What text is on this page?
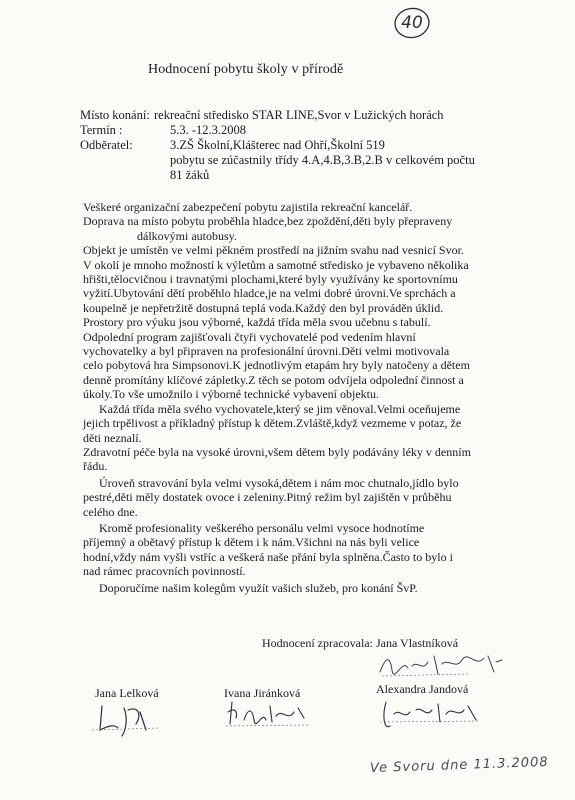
40
Hodnocení pobytu školy v přírodě
Místo konání: rekreační středisko STAR LINE,Svor v Lužických horách
Termín :	5.3. -12.3.2008
Odběratel:	3.ZŠ Školní,Klášterec nad Ohří,Školní 519
pobytu se zúčastnily třídy 4.A,4.B,3.B,2.B v celkovém počtu
81 žáků

Veškeré organizační zabezpečení pobytu zajistila rekreační kancelář.

Doprava na místo pobytu proběhla hladce,bez zpoždění,děti byly přepraveny

dálkovými autobusy.

Objekt je umístěn ve velmi pěkném prostředí na jižním svahu nad vesnicí Svor.

V okolí je mnoho možností k výletům a samotné středisko je vybaveno několika

hřišti,tělocvičnou i travnatými plochami,které byly využívány ke sportovnímu

vyžití.Ubytování dětí proběhlo hladce,je na velmi dobré úrovni.Ve sprchách a

koupelně je nepřetržitě dostupná teplá voda.Každý den byl prováděn úklid.

Prostory pro výuku jsou výborné, každá třída měla svou učebnu s tabulí.

Odpolední program zajišťovali čtyři vychovatelé pod vedením hlavní

vychovatelky a byl připraven na profesionální úrovni.Děti velmi motivovala

celo pobytová hra Simpsonovi.K jednotlivým etapám hry byly natočeny a dětem

denně promítány klíčové zápletky.Z těch se potom odvíjela odpolední činnost a

úkoly.To vše umožnilo i výborné technické vybavení objektu.

Každá třída měla svého vychovatele,který se jim věnoval.Velmi oceňujeme

jejich trpělivost a příkladný přístup k dětem.Zvláště,když vezmeme v potaz, že

děti neznalí.

Zdravotní péče byla na vysoké úrovni,všem dětem byly podávány léky v denním

řádu.

Úroveň stravování byla velmi vysoká,dětem i nám moc chutnalo,jídlo bylo

pestré,děti měly dostatek ovoce i zeleniny.Pitný režim byl zajištěn v průběhu

celého dne.

Kromě profesionality veškerého personálu velmi vysoce hodnotíme

příjemný a obětavý přístup k dětem i k nám.Všichni na nás byli velice

hodní,vždy nám vyšli vstříc a veškerá naše přání byla splněna.Často to bylo i

nad rámec pracovních povinností.

Doporučíme našim kolegům využít vašich služeb, pro konání ŠvP.

Hodnocení zpracovala: Jana Vlastníková
Jana Lelková	Ivana Jiránková	Alexandra Jandová
Ve Svoru dne 11.3.2008
